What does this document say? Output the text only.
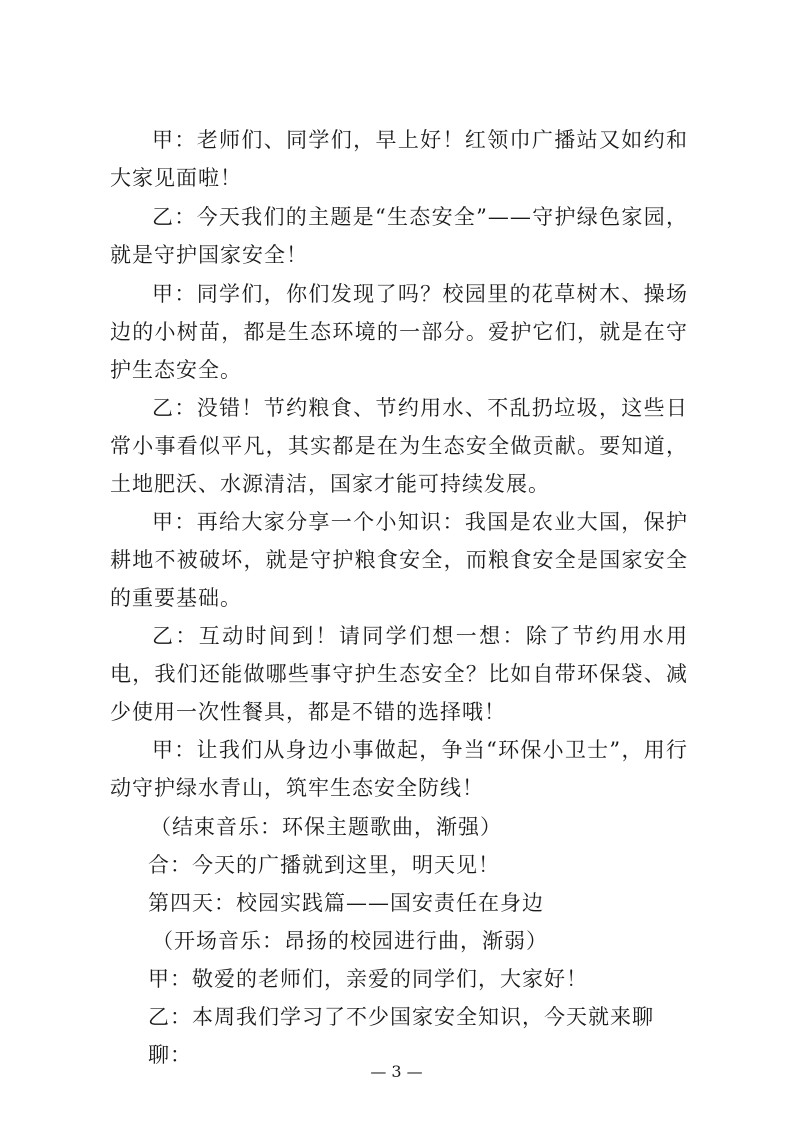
甲：老师们、同学们，早上好！红领巾广播站又如约和大家见面啦！

乙：今天我们的主题是“生态安全”——守护绿色家园，就是守护国家安全！

甲：同学们，你们发现了吗？校园里的花草树木、操场边的小树苗，都是生态环境的一部分。爱护它们，就是在守护生态安全。

乙：没错！节约粮食、节约用水、不乱扔垃圾，这些日常小事看似平凡，其实都是在为生态安全做贡献。要知道，土地肥沃、水源清洁，国家才能可持续发展。

甲：再给大家分享一个小知识：我国是农业大国，保护耕地不被破坏，就是守护粮食安全，而粮食安全是国家安全的重要基础。

乙：互动时间到！请同学们想一想：除了节约用水用电，我们还能做哪些事守护生态安全？比如自带环保袋、减少使用一次性餐具，都是不错的选择哦！

甲：让我们从身边小事做起，争当“环保小卫士”，用行动守护绿水青山，筑牢生态安全防线！

（结束音乐：环保主题歌曲，渐强）

合：今天的广播就到这里，明天见！

第四天：校园实践篇——国安责任在身边

（开场音乐：昂扬的校园进行曲，渐弱）

甲：敬爱的老师们，亲爱的同学们，大家好！

乙：本周我们学习了不少国家安全知识，今天就来聊聊：

— 3 —
